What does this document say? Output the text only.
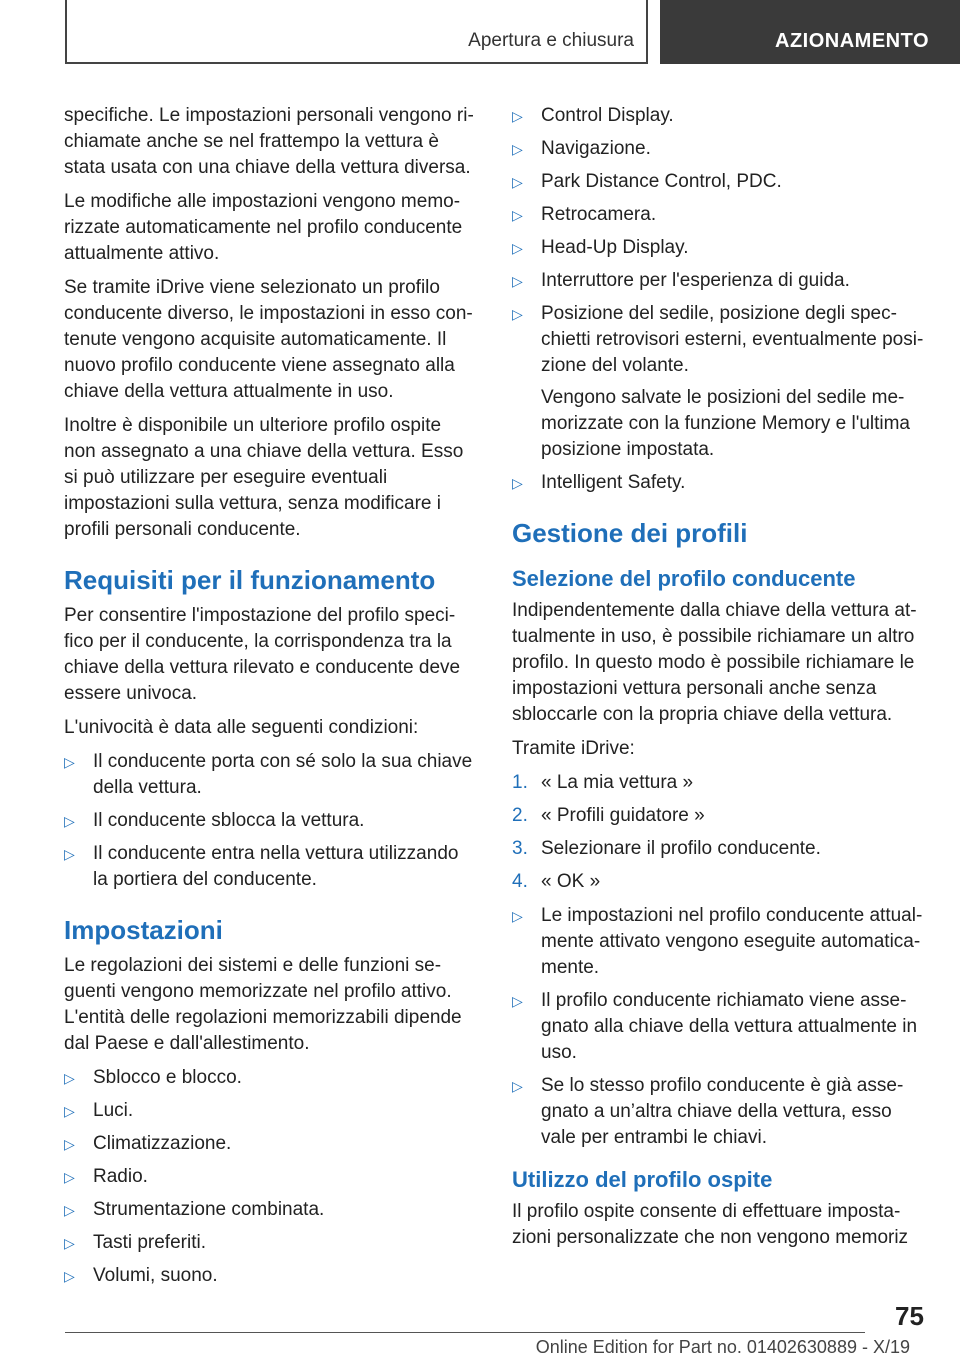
Apertura e chiusura	AZIONAMENTO

specifiche. Le impostazioni personali vengono richiamate anche se nel frattempo la vettura è stata usata con una chiave della vettura diversa.

Le modifiche alle impostazioni vengono memorizzate automaticamente nel profilo conducente attualmente attivo.

Se tramite iDrive viene selezionato un profilo conducente diverso, le impostazioni in esso contenute vengono acquisite automaticamente. Il nuovo profilo conducente viene assegnato alla chiave della vettura attualmente in uso.

Inoltre è disponibile un ulteriore profilo ospite non assegnato a una chiave della vettura. Esso si può utilizzare per eseguire eventuali impostazioni sulla vettura, senza modificare i profili personali conducente.

Requisiti per il funzionamento

Per consentire l'impostazione del profilo specifico per il conducente, la corrispondenza tra la chiave della vettura rilevato e conducente deve essere univoca.

L'univocità è data alle seguenti condizioni:

▷ Il conducente porta con sé solo la sua chiave della vettura.
▷ Il conducente sblocca la vettura.
▷ Il conducente entra nella vettura utilizzando la portiera del conducente.
Impostazioni

Le regolazioni dei sistemi e delle funzioni seguenti vengono memorizzate nel profilo attivo. L'entità delle regolazioni memorizzabili dipende dal Paese e dall'allestimento.

▷ Sblocco e blocco.
▷ Luci.
▷ Climatizzazione.
▷ Radio.
▷ Strumentazione combinata.
▷ Tasti preferiti.
▷ Volumi, suono.
▷ Control Display.
▷ Navigazione.
▷ Park Distance Control, PDC.
▷ Retrocamera.
▷ Head-Up Display.
▷ Interruttore per l'esperienza di guida.
▷ Posizione del sedile, posizione degli specchietti retrovisori esterni, eventualmente posizione del volante.
Vengono salvate le posizioni del sedile memorizzate con la funzione Memory e l'ultima posizione impostata.
▷ Intelligent Safety.
Gestione dei profili
Selezione del profilo conducente

Indipendentemente dalla chiave della vettura attualmente in uso, è possibile richiamare un altro profilo. In questo modo è possibile richiamare le impostazioni vettura personali anche senza sbloccarle con la propria chiave della vettura.

Tramite iDrive:

1. « La mia vettura »
2. « Profili guidatore »
3. Selezionare il profilo conducente.
4. « OK »
▷ Le impostazioni nel profilo conducente attualmente attivato vengono eseguite automaticamente.
▷ Il profilo conducente richiamato viene assegnato alla chiave della vettura attualmente in uso.
▷ Se lo stesso profilo conducente è già assegnato a un’altra chiave della vettura, esso vale per entrambi le chiavi.
Utilizzo del profilo ospite

Il profilo ospite consente di effettuare impostazioni personalizzate che non vengono memoriz

75
Online Edition for Part no. 01402630889 - X/19
